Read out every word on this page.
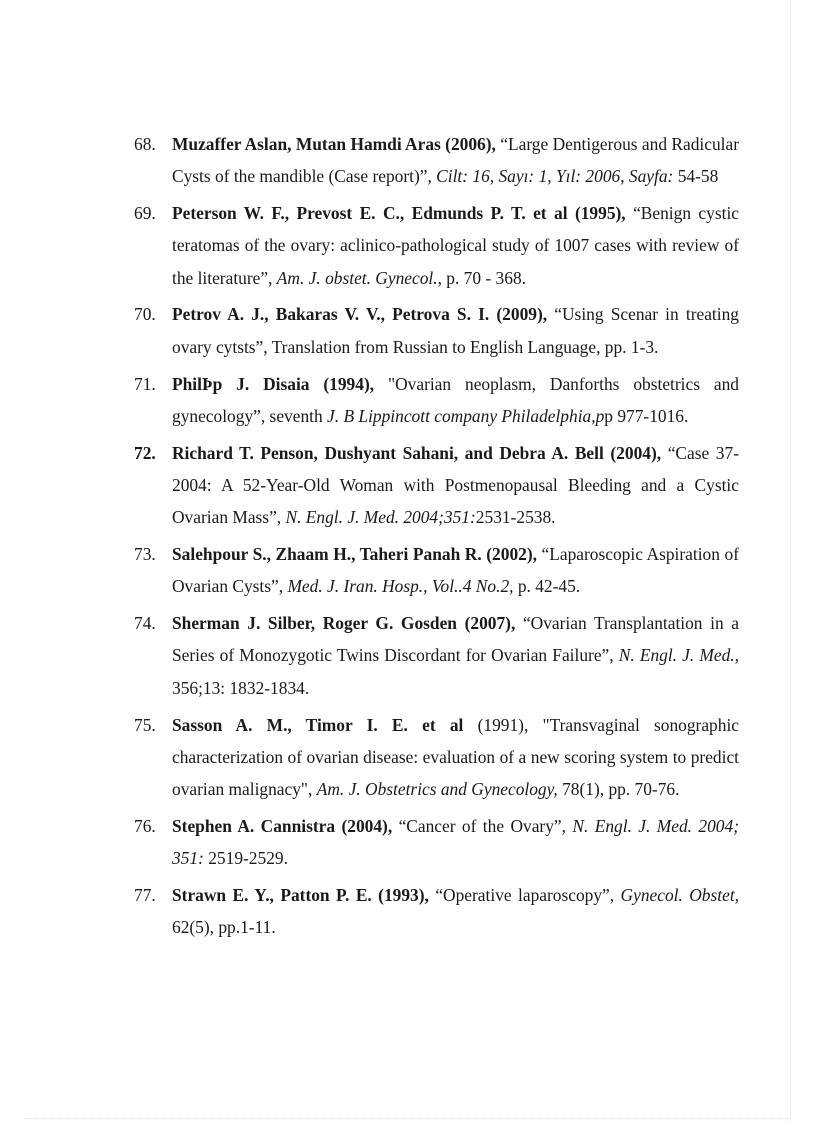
68. Muzaffer Aslan, Mutan Hamdi Aras (2006), “Large Dentigerous and Radicular Cysts of the mandible (Case report)”, Cilt: 16, Sayı: 1, Yıl: 2006, Sayfa: 54-58
69. Peterson W. F., Prevost E. C., Edmunds P. T. et al (1995), “Benign cystic teratomas of the ovary: aclinico-pathological study of 1007 cases with review of the literature”, Am. J. obstet. Gynecol., p. 70 - 368.
70. Petrov A. J., Bakaras V. V., Petrova S. I. (2009), “Using Scenar in treating ovary cytsts”, Translation from Russian to English Language, pp. 1-3.
71. PhilÞp J. Disaia (1994), "Ovarian neoplasm, Danforths obstetrics and gynecology”, seventh J. B Lippincott company Philadelphia,pp 977-1016.
72. Richard T. Penson, Dushyant Sahani, and Debra A. Bell (2004), “Case 37-2004: A 52-Year-Old Woman with Postmenopausal Bleeding and a Cystic Ovarian Mass”, N. Engl. J. Med. 2004;351:2531-2538.
73. Salehpour S., Zhaam H., Taheri Panah R. (2002), “Laparoscopic Aspiration of Ovarian Cysts”, Med. J. Iran. Hosp., Vol..4 No.2, p. 42-45.
74. Sherman J. Silber, Roger G. Gosden (2007), “Ovarian Transplantation in a Series of Monozygotic Twins Discordant for Ovarian Failure”, N. Engl. J. Med., 356;13: 1832-1834.
75. Sasson A. M., Timor I. E. et al (1991), "Transvaginal sonographic characterization of ovarian disease: evaluation of a new scoring system to predict ovarian malignacy", Am. J. Obstetrics and Gynecology, 78(1), pp. 70-76.
76. Stephen A. Cannistra (2004), “Cancer of the Ovary”, N. Engl. J. Med. 2004; 351: 2519-2529.
77. Strawn E. Y., Patton P. E. (1993), “Operative laparoscopy”, Gynecol. Obstet, 62(5), pp.1-11.
